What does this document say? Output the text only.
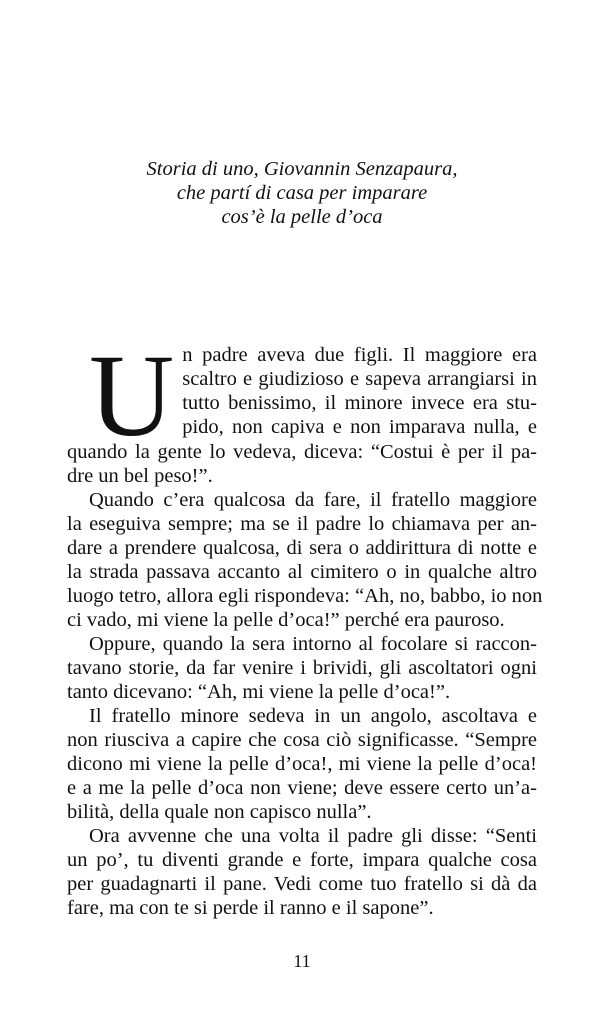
Storia di uno, Giovannin Senzapaura,
che partí di casa per imparare
cos’è la pelle d’oca
U n padre aveva due figli. Il maggiore era
scaltro e giudizioso e sapeva arrangiarsi in
tutto benissimo, il minore invece era stu-
pido, non capiva e non imparava nulla, e
quando la gente lo vedeva, diceva: “Costui è per il pa-
dre un bel peso!”.
Quando c’era qualcosa da fare, il fratello maggiore
la eseguiva sempre; ma se il padre lo chiamava per an-
dare a prendere qualcosa, di sera o addirittura di notte e
la strada passava accanto al cimitero o in qualche altro
luogo tetro, allora egli rispondeva: “Ah, no, babbo, io non
ci vado, mi viene la pelle d’oca!” perché era pauroso.
Oppure, quando la sera intorno al focolare si raccon-
tavano storie, da far venire i brividi, gli ascoltatori ogni
tanto dicevano: “Ah, mi viene la pelle d’oca!”.
Il fratello minore sedeva in un angolo, ascoltava e
non riusciva a capire che cosa ciò significasse. “Sempre
dicono mi viene la pelle d’oca!, mi viene la pelle d’oca!
e a me la pelle d’oca non viene; deve essere certo un’a-
bilità, della quale non capisco nulla”.
Ora avvenne che una volta il padre gli disse: “Senti
un po’, tu diventi grande e forte, impara qualche cosa
per guadagnarti il pane. Vedi come tuo fratello si dà da
fare, ma con te si perde il ranno e il sapone”.
11
